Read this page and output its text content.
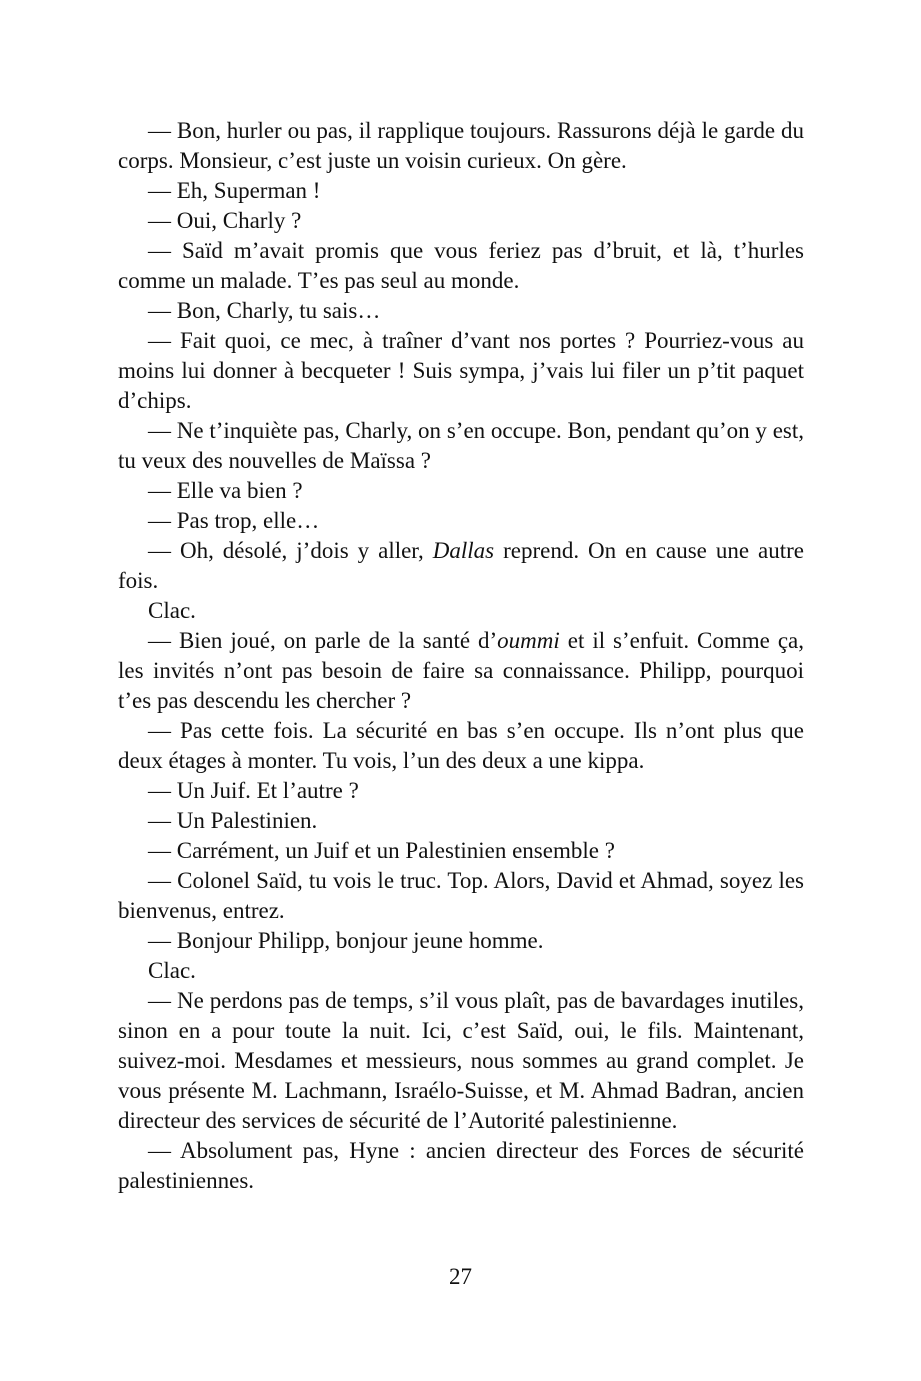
— Bon, hurler ou pas, il rapplique toujours. Rassurons déjà le garde du corps. Monsieur, c’est juste un voisin curieux. On gère.

— Eh, Superman !

— Oui, Charly ?

— Saïd m’avait promis que vous feriez pas d’bruit, et là, t’hurles comme un malade. T’es pas seul au monde.

— Bon, Charly, tu sais…

— Fait quoi, ce mec, à traîner d’vant nos portes ? Pourriez-vous au moins lui donner à becqueter ! Suis sympa, j’vais lui filer un p’tit paquet d’chips.

— Ne t’inquiète pas, Charly, on s’en occupe. Bon, pendant qu’on y est, tu veux des nouvelles de Maïssa ?

— Elle va bien ?

— Pas trop, elle…

— Oh, désolé, j’dois y aller, Dallas reprend. On en cause une autre fois.

Clac.

— Bien joué, on parle de la santé d’oummi et il s’enfuit. Comme ça, les invités n’ont pas besoin de faire sa connaissance. Philipp, pourquoi t’es pas descendu les chercher ?

— Pas cette fois. La sécurité en bas s’en occupe. Ils n’ont plus que deux étages à monter. Tu vois, l’un des deux a une kippa.

— Un Juif. Et l’autre ?

— Un Palestinien.

— Carrément, un Juif et un Palestinien ensemble ?

— Colonel Saïd, tu vois le truc. Top. Alors, David et Ahmad, soyez les bienvenus, entrez.

— Bonjour Philipp, bonjour jeune homme.

Clac.

— Ne perdons pas de temps, s’il vous plaît, pas de bavardages inutiles, sinon en a pour toute la nuit. Ici, c’est Saïd, oui, le fils. Maintenant, suivez-moi. Mesdames et messieurs, nous sommes au grand complet. Je vous présente M. Lachmann, Israélo-Suisse, et M. Ahmad Badran, ancien directeur des services de sécurité de l’Autorité palestinienne.

— Absolument pas, Hyne : ancien directeur des Forces de sécurité palestiniennes.

27
